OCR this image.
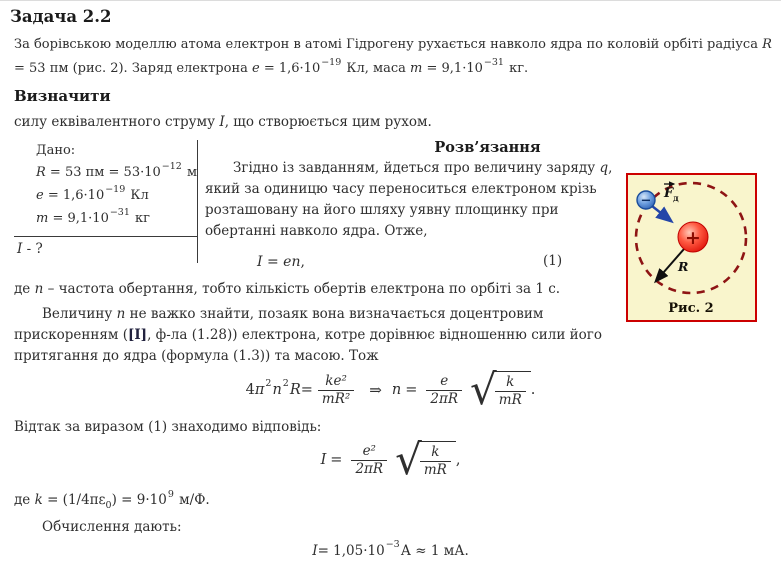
Задача 2.2
За борівською моделлю атома електрон в атомі Гідрогену рухається навколо ядра по коловій орбіті радіуса R
= 53 пм (рис. 2). Заряд електрона $e = 1,6\cdot 10^{-19}$ Кл, маса $m = 9,1\cdot 10^{-31}$ кг.
Визначити
силу еквівалентного струму I, що створюється цим рухом.
Дано:
R = 53 пм = $53\cdot 10^{-12}$ м
$e = 1,6\cdot 10^{-19}$ Кл
$m = 9,1\cdot 10^{-31}$ кг
I - ?
Розв’язання
Згідно із завданням, йдеться про величину заряду q, який за одиницю часу переноситься електроном крізь розташовану на його шляху уявну площинку при обертанні навколо ядра. Отже,
I = en,	(1)
де n – частота обертання, тобто кількість обертів електрона по орбіті за 1 с.
Величину n не важко знайти, позаяк вона визначається доцентровим прискоренням ([I], ф-ла (1.28)) електрона, котре дорівнює відношенню сили його притягання до ядра (формула (1.3)) та масою. Тож
4 π 2 n 2 $R = \frac{\text{ke²}}{\text{mR²}}$ ⇒ $n = \frac{e}{2\pi R}$ √
$\frac{k}{mR}$ .
Відтак за виразом (1) знаходимо відповідь:
$I = \frac{\text{e²}}{2\pi R}$ √
$\frac{k}{mR}$ ,
де $k = (1/4\pi\varepsilon_0) = 9\cdot 10^9$ м/Ф.
Обчислення дають:
I = 1,05·10 −3 А ≈ 1 мА.
+
− Fд
R
Рис. 2
